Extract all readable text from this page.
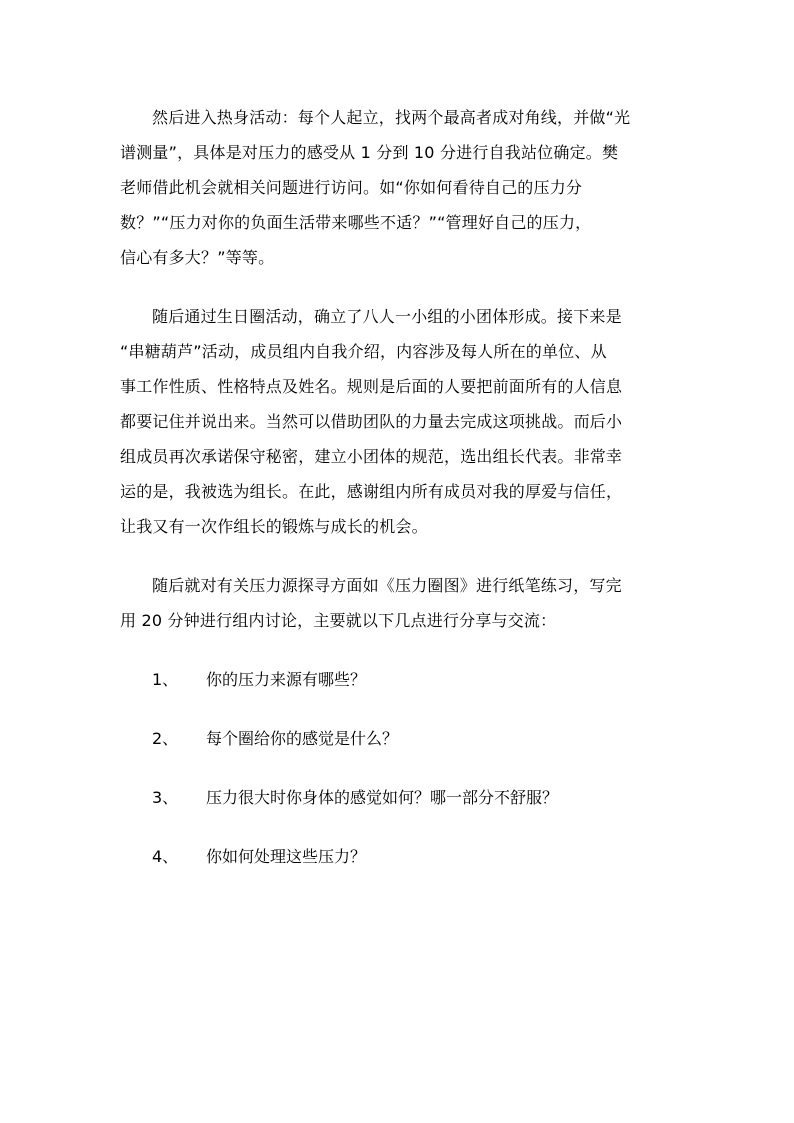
然后进入热身活动：每个人起立，找两个最高者成对角线，并做“光
谱测量”，具体是对压力的感受从 1 分到 10 分进行自我站位确定。樊
老师借此机会就相关问题进行访问。如“你如何看待自己的压力分
数？”“压力对你的负面生活带来哪些不适？”“管理好自己的压力，
信心有多大？”等等。

随后通过生日圈活动，确立了八人一小组的小团体形成。接下来是
“串糖葫芦”活动，成员组内自我介绍，内容涉及每人所在的单位、从
事工作性质、性格特点及姓名。规则是后面的人要把前面所有的人信息
都要记住并说出来。当然可以借助团队的力量去完成这项挑战。而后小
组成员再次承诺保守秘密，建立小团体的规范，选出组长代表。非常幸
运的是，我被选为组长。在此，感谢组内所有成员对我的厚爱与信任，
让我又有一次作组长的锻炼与成长的机会。

随后就对有关压力源探寻方面如《压力圈图》进行纸笔练习，写完
用 20 分钟进行组内讨论，主要就以下几点进行分享与交流：

1、	你的压力来源有哪些？
2、	每个圈给你的感觉是什么？
3、	压力很大时你身体的感觉如何？哪一部分不舒服？
4、	你如何处理这些压力？
